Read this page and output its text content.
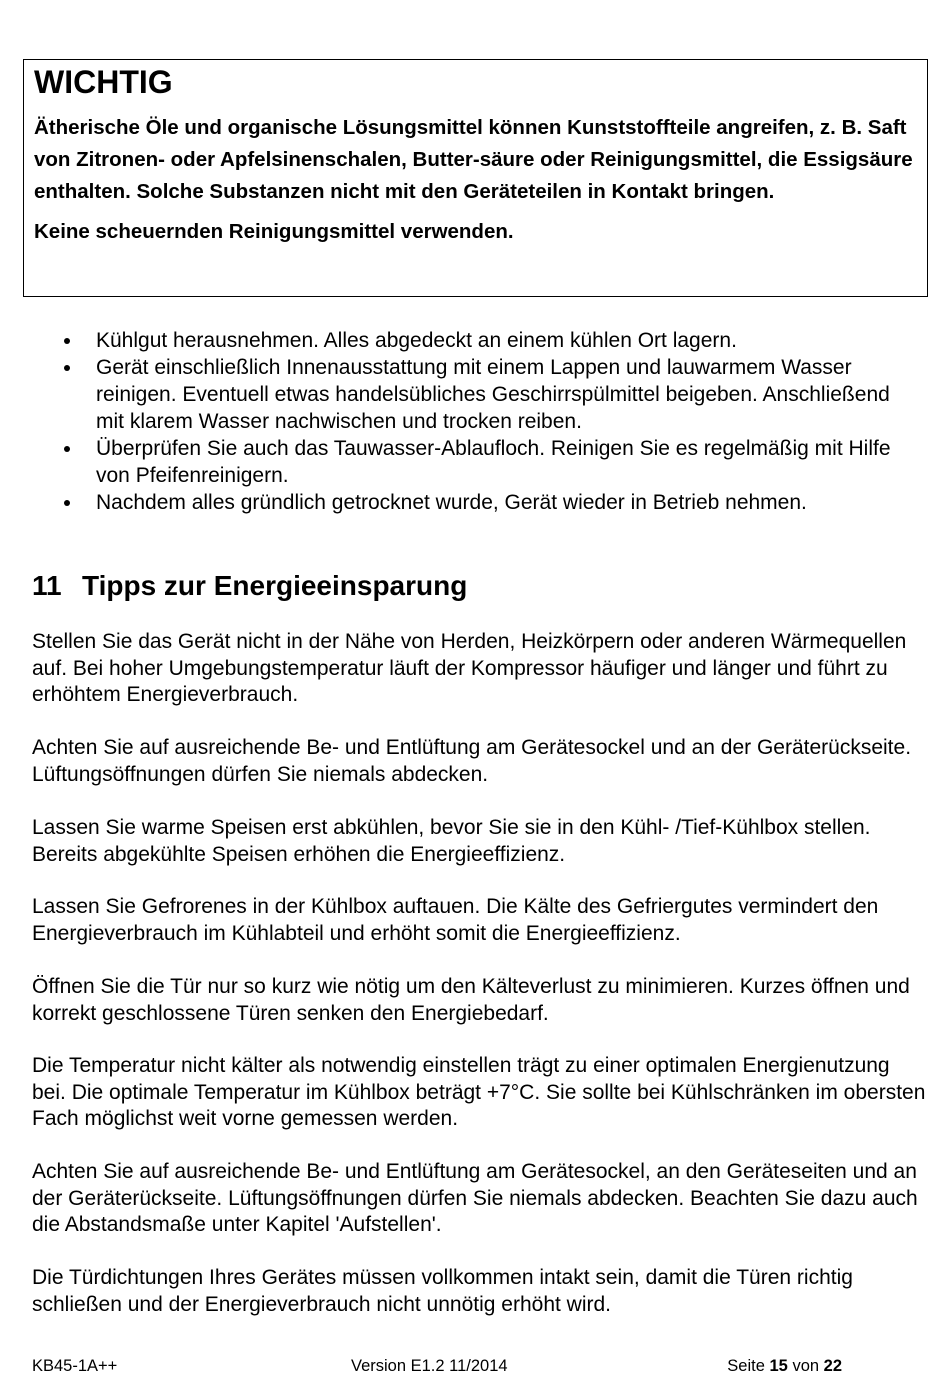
WICHTIG

Ätherische Öle und organische Lösungsmittel können Kunststoffteile angreifen, z. B. Saft von Zitronen- oder Apfelsinenschalen, Butter-säure oder Reinigungsmittel, die Essigsäure enthalten. Solche Substanzen nicht mit den Geräteteilen in Kontakt bringen.

Keine scheuernden Reinigungsmittel verwenden.

Kühlgut herausnehmen. Alles abgedeckt an einem kühlen Ort lagern.
Gerät einschließlich Innenausstattung mit einem Lappen und lauwarmem Wasser reinigen. Eventuell etwas handelsübliches Geschirrspülmittel beigeben. Anschließend mit klarem Wasser nachwischen und trocken reiben.
Überprüfen Sie auch das Tauwasser-Ablaufloch. Reinigen Sie es regelmäßig mit Hilfe von Pfeifenreinigern.
Nachdem alles gründlich getrocknet wurde, Gerät wieder in Betrieb nehmen.
11 Tipps zur Energieeinsparung

Stellen Sie das Gerät nicht in der Nähe von Herden, Heizkörpern oder anderen Wärmequellen auf. Bei hoher Umgebungstemperatur läuft der Kompressor häufiger und länger und führt zu erhöhtem Energieverbrauch.

Achten Sie auf ausreichende Be- und Entlüftung am Gerätesockel und an der Geräterückseite. Lüftungsöffnungen dürfen Sie niemals abdecken.

Lassen Sie warme Speisen erst abkühlen, bevor Sie sie in den Kühl- /Tief-Kühlbox stellen. Bereits abgekühlte Speisen erhöhen die Energieeffizienz.

Lassen Sie Gefrorenes in der Kühlbox auftauen. Die Kälte des Gefriergutes vermindert den Energieverbrauch im Kühlabteil und erhöht somit die Energieeffizienz.

Öffnen Sie die Tür nur so kurz wie nötig um den Kälteverlust zu minimieren. Kurzes öffnen und korrekt geschlossene Türen senken den Energiebedarf.

Die Temperatur nicht kälter als notwendig einstellen trägt zu einer optimalen Energienutzung bei. Die optimale Temperatur im Kühlbox beträgt +7°C. Sie sollte bei Kühlschränken im obersten Fach möglichst weit vorne gemessen werden.

Achten Sie auf ausreichende Be- und Entlüftung am Gerätesockel, an den Geräteseiten und an der Geräterückseite. Lüftungsöffnungen dürfen Sie niemals abdecken. Beachten Sie dazu auch die Abstandsmaße unter Kapitel 'Aufstellen'.

Die Türdichtungen Ihres Gerätes müssen vollkommen intakt sein, damit die Türen richtig schließen und der Energieverbrauch nicht unnötig erhöht wird.

KB45-1A++	Version E1.2 11/2014	Seite 15 von 22
